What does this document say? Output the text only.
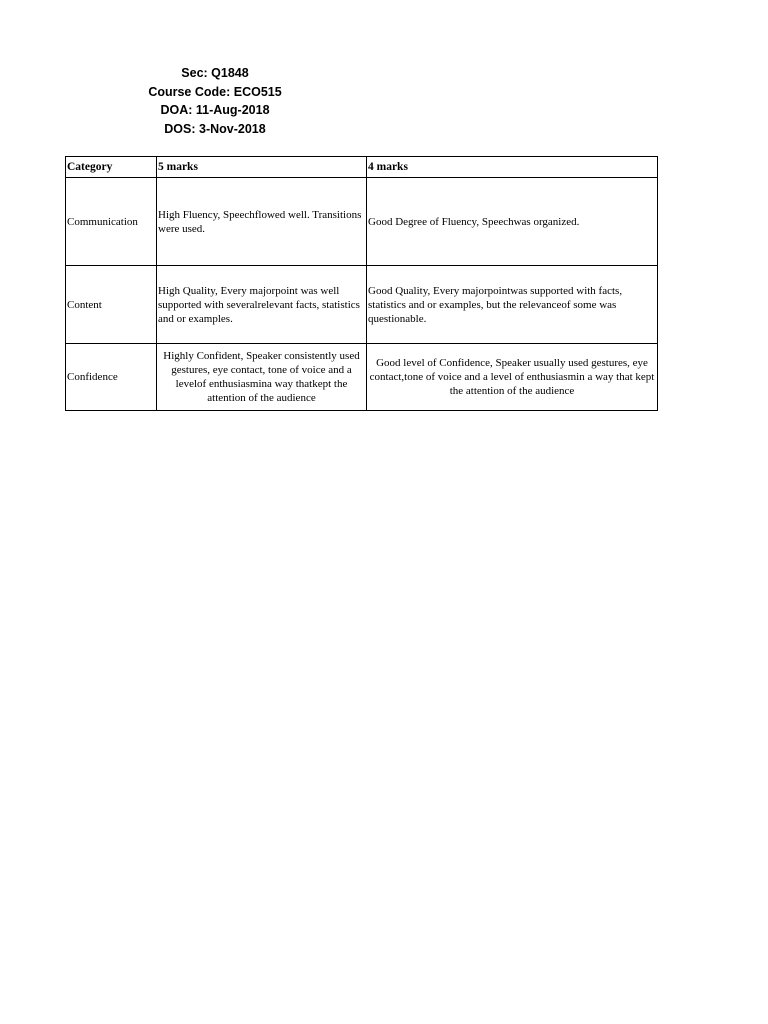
Sec: Q1848
Course Code: ECO515
DOA: 11-Aug-2018
DOS: 3-Nov-2018
Category	5 marks	4 marks
Communication	High Fluency, Speechflowed well. Transitions were used.	Good Degree of Fluency, Speechwas organized.
Content	High Quality, Every majorpoint was well supported with severalrelevant facts, statistics and or examples.	Good Quality, Every majorpointwas supported with facts, statistics and or examples, but the relevanceof some was questionable.
Confidence	Highly Confident, Speaker consistently used gestures, eye contact, tone of voice and a levelof enthusiasmina way thatkept the attention of the audience	Good level of Confidence, Speaker usually used gestures, eye contact,tone of voice and a level of enthusiasmin a way that kept the attention of the audience
